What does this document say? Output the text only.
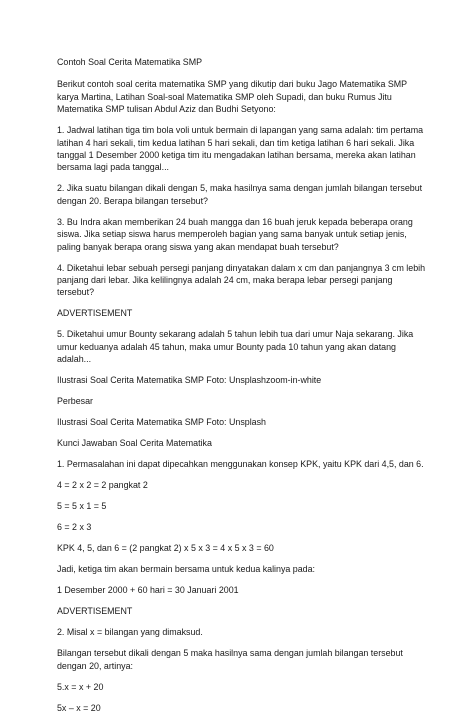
Contoh Soal Cerita Matematika SMP

Berikut contoh soal cerita matematika SMP yang dikutip dari buku Jago Matematika SMP karya Martina, Latihan Soal-soal Matematika SMP oleh Supadi, dan buku Rumus Jitu Matematika SMP tulisan Abdul Aziz dan Budhi Setyono:

1. Jadwal latihan tiga tim bola voli untuk bermain di lapangan yang sama adalah: tim pertama latihan 4 hari sekali, tim kedua latihan 5 hari sekali, dan tim ketiga latihan 6 hari sekali. Jika tanggal 1 Desember 2000 ketiga tim itu mengadakan latihan bersama, mereka akan latihan bersama lagi pada tanggal...

2. Jika suatu bilangan dikali dengan 5, maka hasilnya sama dengan jumlah bilangan tersebut dengan 20. Berapa bilangan tersebut?

3. Bu Indra akan memberikan 24 buah mangga dan 16 buah jeruk kepada beberapa orang siswa. Jika setiap siswa harus memperoleh bagian yang sama banyak untuk setiap jenis, paling banyak berapa orang siswa yang akan mendapat buah tersebut?

4. Diketahui lebar sebuah persegi panjang dinyatakan dalam x cm dan panjangnya 3 cm lebih panjang dari lebar. Jika kelilingnya adalah 24 cm, maka berapa lebar persegi panjang tersebut?

ADVERTISEMENT

5. Diketahui umur Bounty sekarang adalah 5 tahun lebih tua dari umur Naja sekarang. Jika umur keduanya adalah 45 tahun, maka umur Bounty pada 10 tahun yang akan datang adalah...

Ilustrasi Soal Cerita Matematika SMP Foto: Unsplashzoom-in-white

Perbesar

Ilustrasi Soal Cerita Matematika SMP Foto: Unsplash

Kunci Jawaban Soal Cerita Matematika

1. Permasalahan ini dapat dipecahkan menggunakan konsep KPK, yaitu KPK dari 4,5, dan 6.

4 = 2 x 2 = 2 pangkat 2

5 = 5 x 1 = 5

6 = 2 x 3

KPK 4, 5, dan 6 = (2 pangkat 2) x 5 x 3 = 4 x 5 x 3 = 60

Jadi, ketiga tim akan bermain bersama untuk kedua kalinya pada:

1 Desember 2000 + 60 hari = 30 Januari 2001

ADVERTISEMENT

2. Misal x = bilangan yang dimaksud.

Bilangan tersebut dikali dengan 5 maka hasilnya sama dengan jumlah bilangan tersebut dengan 20, artinya:

5.x = x + 20

5x – x = 20
